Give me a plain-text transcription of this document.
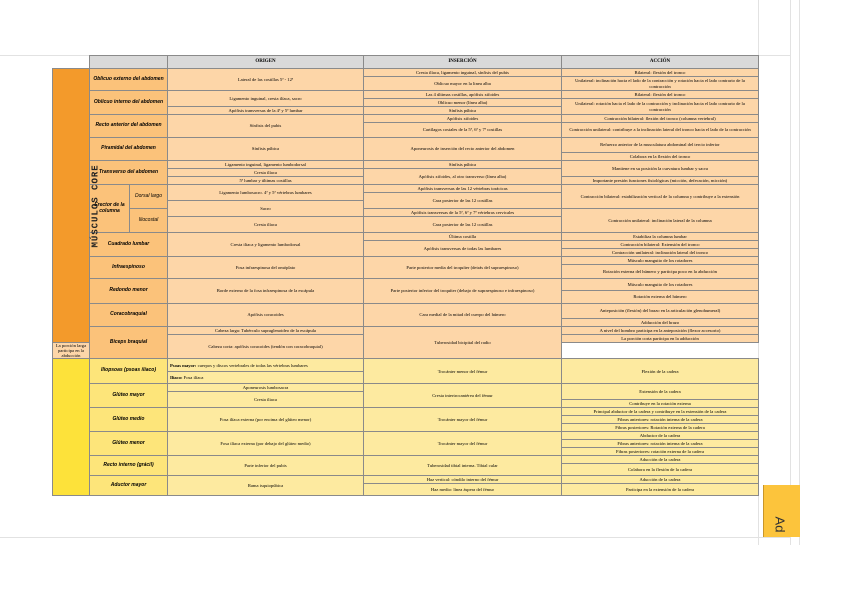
			ORIGEN	INSERCIÓN	ACCIÓN
MÚSCULOS CORE	Oblicuo externo del abdomen		Lateral de las costillas 5ª - 12ª	Cresta ilíaca, ligamento inguinal, sínfisis del pubis	Bilateral: flexión del tronco
				Oblicuo mayor en la linea alba	Unilateral: inclinación hacia el lado de la contracción y rotación hacia el lado contrario de la contracción
	Oblicuo interno del abdomen		Ligamento inguinal, cresta ilíaca, sacro	Las 4 últimas costillas, apófisis xifoides	Bilateral: flexión del tronco
				Oblicuo menor (línea alba)	Unilateral: rotación hacia el lado de la contracción y inclinación hacia el lado contrario de la contracción
			Apófisis transversas de la 4ª y 5ª lumbar	Sínfisis púbica	
	Recto anterior del abdomen		Sínfisis del pubis	Apófisis xifoides	Contracción bilateral: flexión del tronco (columna vertebral)
				Cartílagos costales de la 5ª, 6ª y 7ª costillas	Contracción unilateral: contribuye a la inclinación lateral del tronco hacia el lado de la contracción
	Piramidal del abdomen		Sínfisis púbica	Aponeurosis de inserción del recto anterior del abdomen	Refuerzo anterior de la musculatura abdominal del tercio inferior
					Colabora en la flexión del tronco
	Transverso del abdomen		Ligamento inguinal, ligamento lumbodorsal	Sínfisis púbica	Mantiene en su posición la curvatura lumbar y sacra
			Cresta ilíaca	Apófisis xifoides, al otro transverso (línea alba)	
			5ª lumbar y últimas costillas		Importante presión funciones fisiológicas (micción, defecación, micción)
	Erector de la columna	Dorsal largo	Ligamento lumbosacro. 4ª y 5ª vértebras lumbares	Apófisis transversas de las 12 vértebras torácicas	Contracción bilateral: estabilización vertical de la columna y contribuye a la extensión
				Cara posterior de las 12 costillas	
			Sacro		
		Iliocostal		Apófisis transversas de la 5ª, 6ª y 7ª vértebras cervicales	Contracción unilateral: inclinación lateral de la columna
			Cresta ilíaca	Cara posterior de las 12 costillas	

	Cuadrado lumbar		Cresta iliaca y ligamento lumbodorsal	Última costilla	Estabiliza la columna lumbar
				Apófisis transversas de todas las lumbares	Contracción bilateral: Extensión del tronco
					Contracción unilateral: inclinación lateral del tronco
	Infraespinoso		Fosa infraespinosa del omóplato	Parte posterior media del troquíter (detrás del supraespinoso)	Músculo manguito de los rotadores
					Rotación externa del húmero y participa poco en la abducción
	Redondo menor		Borde externo de la fosa infraespinosa de la escápula	Parte posterior inferior del troquíter (debajo de supraespinoso e infraespinoso)	Músculo manguito de los rotadores
					Rotación externa del húmero
	Coracobraquial		Apófisis coracoides	Cara medial de la mitad del cuerpo del húmero	Anteposición (flexión) del brazo en la articulación glenohumeral)
					Adducción del brazo
	Biceps braquial		Cabeza larga: Tubérculo supraglenoideo de la escápula	Tuberosidad bicipital del radio	A nivel del hombro participa en la anteposición (flexor accesorio)
			Cabeza corta: apófisis coracoides (tendón con coracobraquial)		La porción corta participa en la adducción
La porción larga participa en la abducción					
	Iliopsoas (psoas ilíaco)		Psoas mayor: cuerpos y discos vertebrales de todas las vértebras lumbares	Trocánter menor del fémur	Flexión de la cadera
			Iliaco: Fosa ilíaca		
	Glúteo mayor		Aponeurosis lumbosacra	Cresta intertrocantérea del fémur	Extensión de la cadera
			Cresta iliaca		
					Contribuye en la rotación externa
	Glúteo medio		Fosa ilíaca externa (por encima del glúteo menor)	Trocánter mayor del fémur	Principal abductor de la cadera y contribuye en la extensión de la cadera
					Fibras anteriores: rotación interna de la cadera
					Fibras posteriores: Rotación externa de la cadera
	Glúteo menor		Fosa ilíaca externa (por debajo del glúteo medio)	Trocánter mayor del fémur	Abductor de la cadera
					Fibras anteriores: rotación interna de la cadera
					Fibras posteriores: rotación externa de la cadera
	Recto interno (grácil)		Parte inferior del pubis	Tuberosidad tibial interna. Tibial cular	Aducción de la cadera
					Colabora en la flexión de la cadera
	Aductor mayor		Rama isquiopúbica	Haz vertical: cóndilo interno del fémur	Aducción de la cadera
				Haz medio: línea áspera del fémur	Participa en la extensión de la cadera
Ad
